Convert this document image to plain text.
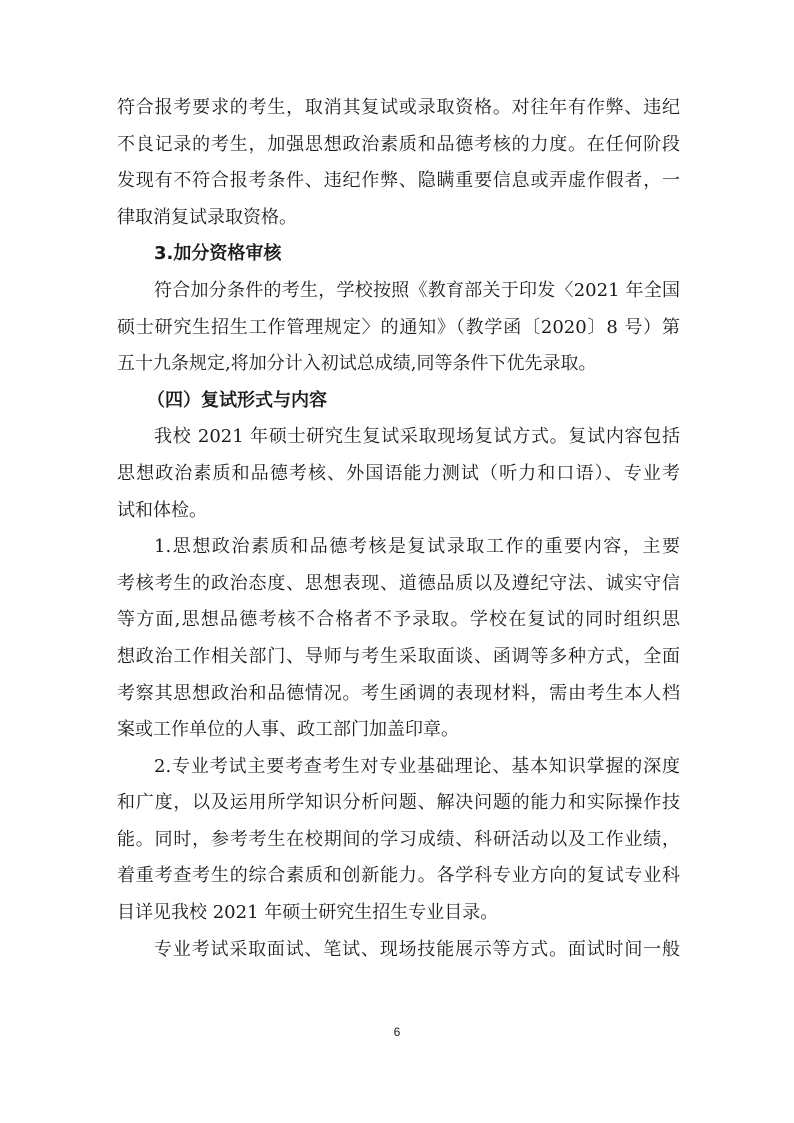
符合报考要求的考生，取消其复试或录取资格。对往年有作弊、违纪
不良记录的考生，加强思想政治素质和品德考核的力度。在任何阶段
发现有不符合报考条件、违纪作弊、隐瞒重要信息或弄虚作假者，一
律取消复试录取资格。
3.加分资格审核
符合加分条件的考生，学校按照《教育部关于印发〈2021 年全国
硕士研究生招生工作管理规定〉的通知》（教学函〔2020〕8 号）第
五十九条规定,将加分计入初试总成绩,同等条件下优先录取。
（四）复试形式与内容
我校 2021 年硕士研究生复试采取现场复试方式。复试内容包括
思想政治素质和品德考核、外国语能力测试（听力和口语）、专业考
试和体检。
1.思想政治素质和品德考核是复试录取工作的重要内容，主要
考核考生的政治态度、思想表现、道德品质以及遵纪守法、诚实守信
等方面,思想品德考核不合格者不予录取。学校在复试的同时组织思
想政治工作相关部门、导师与考生采取面谈、函调等多种方式，全面
考察其思想政治和品德情况。考生函调的表现材料，需由考生本人档
案或工作单位的人事、政工部门加盖印章。
2.专业考试主要考查考生对专业基础理论、基本知识掌握的深度
和广度，以及运用所学知识分析问题、解决问题的能力和实际操作技
能。同时，参考考生在校期间的学习成绩、科研活动以及工作业绩，
着重考查考生的综合素质和创新能力。各学科专业方向的复试专业科
目详见我校 2021 年硕士研究生招生专业目录。
专业考试采取面试、笔试、现场技能展示等方式。面试时间一般
6
